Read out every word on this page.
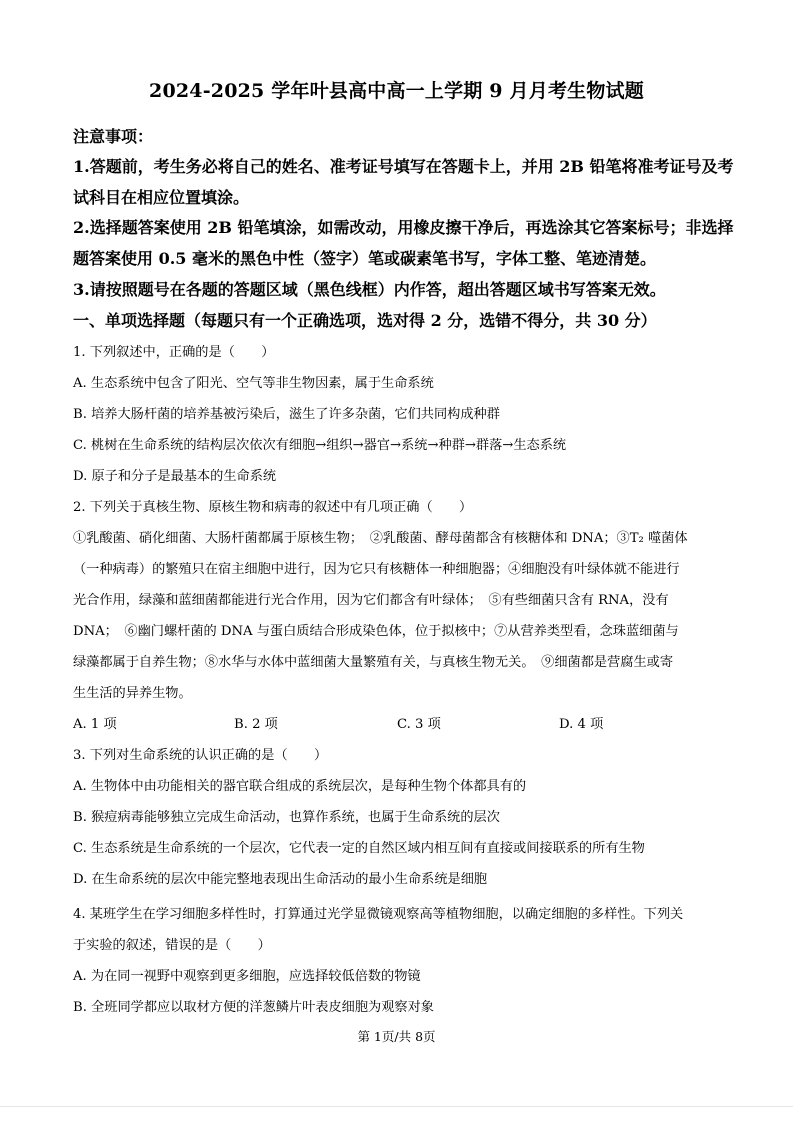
2024-2025 学年叶县高中高一上学期 9 月月考生物试题
注意事项：
1.答题前，考生务必将自己的姓名、准考证号填写在答题卡上，并用 2B 铅笔将准考证号及考
试科目在相应位置填涂。
2.选择题答案使用 2B 铅笔填涂，如需改动，用橡皮擦干净后，再选涂其它答案标号；非选择
题答案使用 0.5 毫米的黑色中性（签字）笔或碳素笔书写，字体工整、笔迹清楚。
3.请按照题号在各题的答题区域（黑色线框）内作答，超出答题区域书写答案无效。
一、单项选择题（每题只有一个正确选项，选对得 2 分，选错不得分，共 30 分）
1. 下列叙述中，正确的是（　　）
A. 生态系统中包含了阳光、空气等非生物因素，属于生命系统
B. 培养大肠杆菌的培养基被污染后，滋生了许多杂菌，它们共同构成种群
C. 桃树在生命系统的结构层次依次有细胞→组织→器官→系统→种群→群落→生态系统
D. 原子和分子是最基本的生命系统
2. 下列关于真核生物、原核生物和病毒的叙述中有几项正确（　　）
①乳酸菌、硝化细菌、大肠杆菌都属于原核生物；　②乳酸菌、酵母菌都含有核糖体和 DNA；③T₂ 噬菌体
（一种病毒）的繁殖只在宿主细胞中进行，因为它只有核糖体一种细胞器；④细胞没有叶绿体就不能进行
光合作用，绿藻和蓝细菌都能进行光合作用，因为它们都含有叶绿体；　⑤有些细菌只含有 RNA，没有
DNA；　⑥幽门螺杆菌的 DNA 与蛋白质结合形成染色体，位于拟核中；⑦从营养类型看，念珠蓝细菌与
绿藻都属于自养生物；⑧水华与水体中蓝细菌大量繁殖有关，与真核生物无关。　⑨细菌都是营腐生或寄
生生活的异养生物。
A. 1 项	B. 2 项	C. 3 项	D. 4 项
3. 下列对生命系统的认识正确的是（　　）
A. 生物体中由功能相关的器官联合组成的系统层次，是每种生物个体都具有的
B. 猴痘病毒能够独立完成生命活动，也算作系统，也属于生命系统的层次
C. 生态系统是生命系统的一个层次，它代表一定的自然区域内相互间有直接或间接联系的所有生物
D. 在生命系统的层次中能完整地表现出生命活动的最小生命系统是细胞
4. 某班学生在学习细胞多样性时，打算通过光学显微镜观察高等植物细胞，以确定细胞的多样性。下列关
于实验的叙述，错误的是（　　）
A. 为在同一视野中观察到更多细胞，应选择较低倍数的物镜
B. 全班同学都应以取材方便的洋葱鳞片叶表皮细胞为观察对象
第 1页/共 8页
